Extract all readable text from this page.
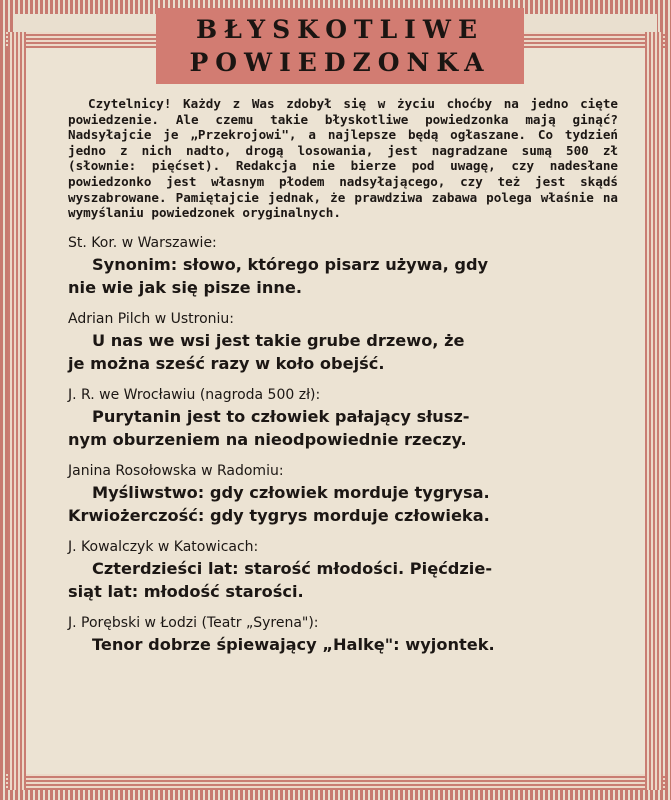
BŁYSKOTLIWE
POWIEDZONKA

Czytelnicy! Każdy z Was zdobył się w życiu choćby na jedno cięte powiedzenie. Ale czemu takie błyskotliwe powiedzonka mają ginąć? Nadsyłajcie je „Przekrojowi", a najlepsze będą ogłaszane. Co tydzień jedno z nich nadto, drogą losowania, jest nagradzane sumą 500 zł (słownie: pięćset). Redakcja nie bierze pod uwagę, czy nadesłane powiedzonko jest własnym płodem nadsyłającego, czy też jest skądś wyszabrowane. Pamiętajcie jednak, że prawdziwa zabawa polega właśnie na wymyślaniu powiedzonek oryginalnych.

St. Kor. w Warszawie:

Synonim: słowo, którego pisarz używa, gdy
nie wie jak się pisze inne.

Adrian Pilch w Ustroniu:

U nas we wsi jest takie grube drzewo, że
je można sześć razy w koło obejść.

J. R. we Wrocławiu (nagroda 500 zł):

Purytanin jest to człowiek pałający słusz-
nym oburzeniem na nieodpowiednie rzeczy.

Janina Rosołowska w Radomiu:

Myśliwstwo: gdy człowiek morduje tygrysa.
Krwiożerczość: gdy tygrys morduje człowieka.

J. Kowalczyk w Katowicach:

Czterdzieści lat: starość młodości. Pięćdzie-
siąt lat: młodość starości.

J. Porębski w Łodzi (Teatr „Syrena"):

Tenor dobrze śpiewający „Halkę": wyjontek.
